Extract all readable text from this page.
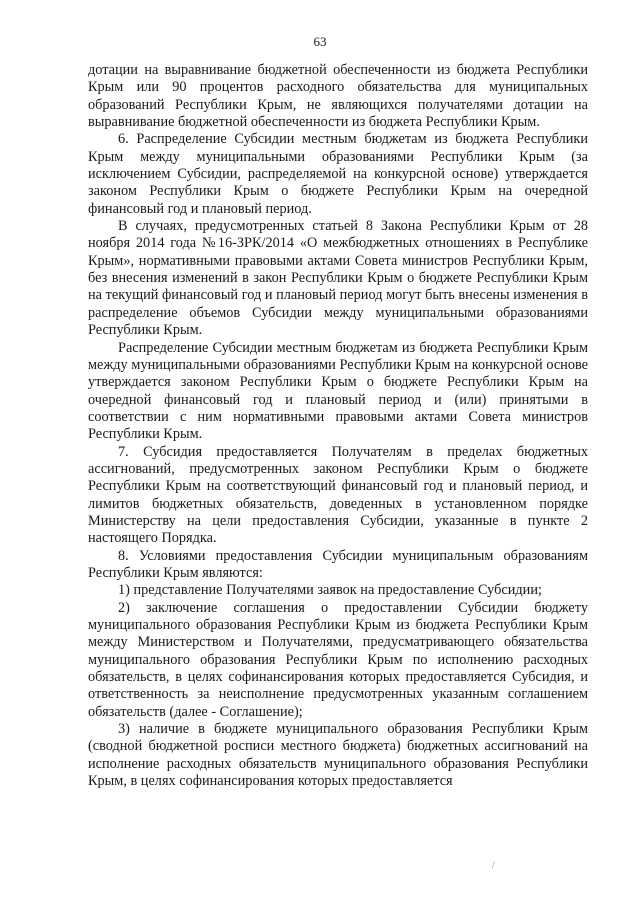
63

дотации на выравнивание бюджетной обеспеченности из бюджета Республики Крым или 90 процентов расходного обязательства для муниципальных образований Республики Крым, не являющихся получателями дотации на выравнивание бюджетной обеспеченности из бюджета Республики Крым.

6. Распределение Субсидии местным бюджетам из бюджета Республики Крым между муниципальными образованиями Республики Крым (за исключением Субсидии, распределяемой на конкурсной основе) утверждается законом Республики Крым о бюджете Республики Крым на очередной финансовый год и плановый период.

В случаях, предусмотренных статьей 8 Закона Республики Крым от 28 ноября 2014 года №16-ЗРК/2014 «О межбюджетных отношениях в Республике Крым», нормативными правовыми актами Совета министров Республики Крым, без внесения изменений в закон Республики Крым о бюджете Республики Крым на текущий финансовый год и плановый период могут быть внесены изменения в распределение объемов Субсидии между муниципальными образованиями Республики Крым.

Распределение Субсидии местным бюджетам из бюджета Республики Крым между муниципальными образованиями Республики Крым на конкурсной основе утверждается законом Республики Крым о бюджете Республики Крым на очередной финансовый год и плановый период и (или) принятыми в соответствии с ним нормативными правовыми актами Совета министров Республики Крым.

7. Субсидия предоставляется Получателям в пределах бюджетных ассигнований, предусмотренных законом Республики Крым о бюджете Республики Крым на соответствующий финансовый год и плановый период, и лимитов бюджетных обязательств, доведенных в установленном порядке Министерству на цели предоставления Субсидии, указанные в пункте 2 настоящего Порядка.

8. Условиями предоставления Субсидии муниципальным образованиям Республики Крым являются:

1) представление Получателями заявок на предоставление Субсидии;

2) заключение соглашения о предоставлении Субсидии бюджету муниципального образования Республики Крым из бюджета Республики Крым между Министерством и Получателями, предусматривающего обязательства муниципального образования Республики Крым по исполнению расходных обязательств, в целях софинансирования которых предоставляется Субсидия, и ответственность за неисполнение предусмотренных указанным соглашением обязательств (далее - Соглашение);

3) наличие в бюджете муниципального образования Республики Крым (сводной бюджетной росписи местного бюджета) бюджетных ассигнований на исполнение расходных обязательств муниципального образования Республики Крым, в целях софинансирования которых предоставляется

/
